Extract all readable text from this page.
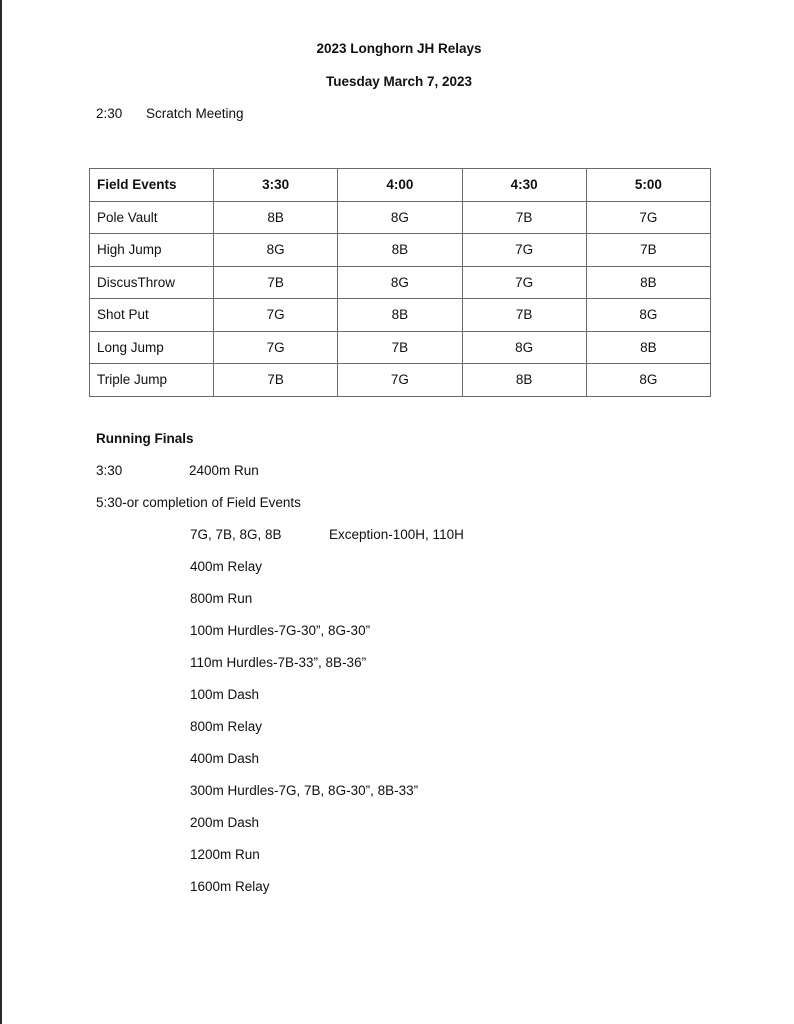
2023 Longhorn JH Relays
Tuesday March 7, 2023
2:30 Scratch Meeting
Field Events	3:30	4:00	4:30	5:00
Pole Vault	8B	8G	7B	7G
High Jump	8G	8B	7G	7B
DiscusThrow	7B	8G	7G	8B
Shot Put	7G	8B	7B	8G
Long Jump	7G	7B	8G	8B
Triple Jump	7B	7G	8B	8G
Running Finals
3:30	2400m Run
5:30-or completion of Field Events
7G, 7B, 8G, 8B	Exception-100H, 110H
400m Relay
800m Run
100m Hurdles-7G-30”, 8G-30”
110m Hurdles-7B-33”, 8B-36”
100m Dash
800m Relay
400m Dash
300m Hurdles-7G, 7B, 8G-30”, 8B-33”
200m Dash
1200m Run
1600m Relay
